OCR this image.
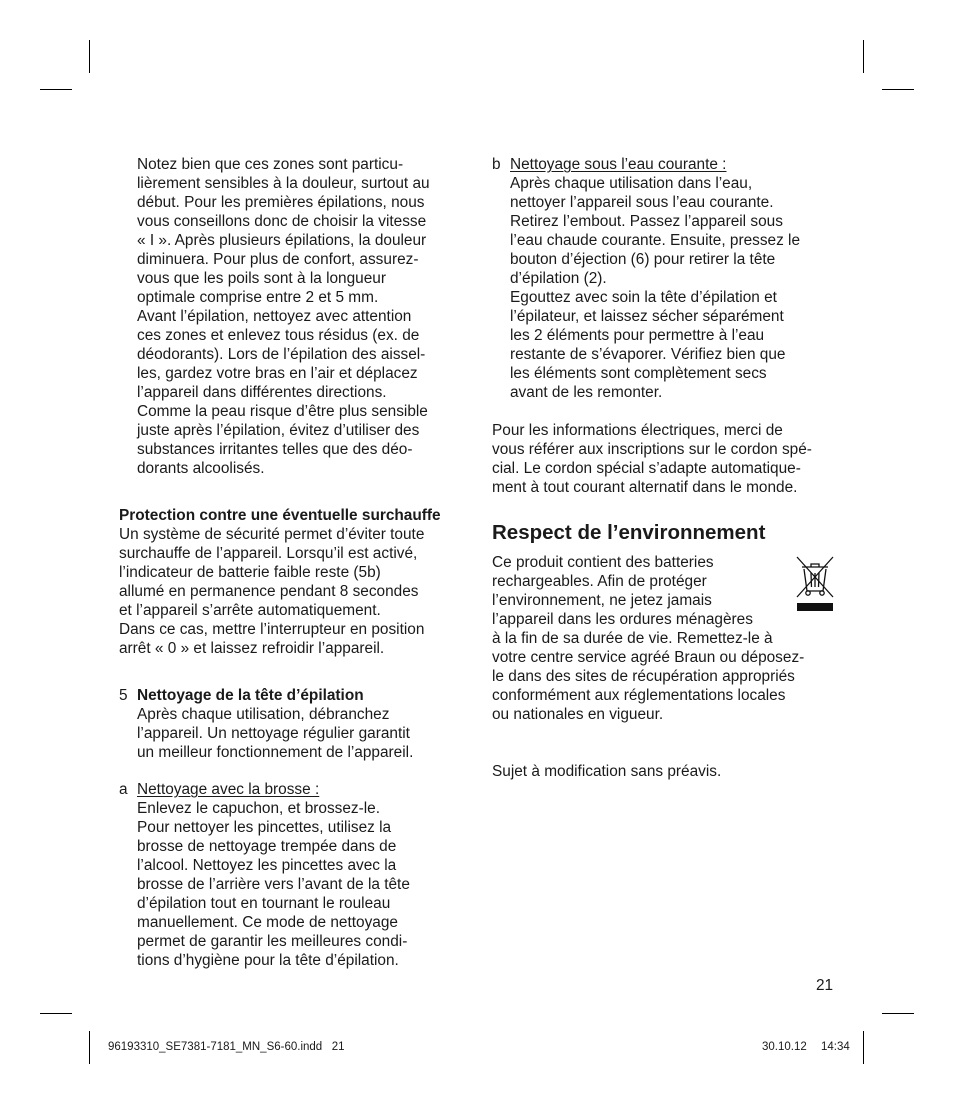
Notez bien que ces zones sont particu-
lièrement sensibles à la douleur, surtout au
début. Pour les premières épilations, nous
vous conseillons donc de choisir la vitesse
« I ». Après plusieurs épilations, la douleur
diminuera. Pour plus de confort, assurez-
vous que les poils sont à la longueur
optimale comprise entre 2 et 5 mm.
Avant l’épilation, nettoyez avec attention
ces zones et enlevez tous résidus (ex. de
déodorants). Lors de l’épilation des aissel-
les, gardez votre bras en l’air et déplacez
l’appareil dans différentes directions.
Comme la peau risque d’être plus sensible
juste après l’épilation, évitez d’utiliser des
substances irritantes telles que des déo-
dorants alcoolisés.
Protection contre une éventuelle surchauffe
Un système de sécurité permet d’éviter toute
surchauffe de l’appareil. Lorsqu’il est activé,
l’indicateur de batterie faible reste (5b)
allumé en permanence pendant 8 secondes
et l’appareil s’arrête automatiquement.
Dans ce cas, mettre l’interrupteur en position
arrêt « 0 » et laissez refroidir l’appareil.
5 Nettoyage de la tête d’épilation
Après chaque utilisation, débranchez
l’appareil. Un nettoyage régulier garantit
un meilleur fonctionnement de l’appareil.
a Nettoyage avec la brosse :
Enlevez le capuchon, et brossez-le.
Pour nettoyer les pincettes, utilisez la
brosse de nettoyage trempée dans de
l’alcool. Nettoyez les pincettes avec la
brosse de l’arrière vers l’avant de la tête
d’épilation tout en tournant le rouleau
manuellement. Ce mode de nettoyage
permet de garantir les meilleures condi-
tions d’hygiène pour la tête d’épilation.
b Nettoyage sous l’eau courante :
Après chaque utilisation dans l’eau,
nettoyer l’appareil sous l’eau courante.
Retirez l’embout. Passez l’appareil sous
l’eau chaude courante. Ensuite, pressez le
bouton d’éjection (6) pour retirer la tête
d’épilation (2).
Egouttez avec soin la tête d’épilation et
l’épilateur, et laissez sécher séparément
les 2 éléments pour permettre à l’eau
restante de s’évaporer. Vérifiez bien que
les éléments sont complètement secs
avant de les remonter.
Pour les informations électriques, merci de
vous référer aux inscriptions sur le cordon spé-
cial. Le cordon spécial s’adapte automatique-
ment à tout courant alternatif dans le monde.
Respect de l’environnement
Ce produit contient des batteries
rechargeables. Afin de protéger
l’environnement, ne jetez jamais
l’appareil dans les ordures ménagères
à la fin de sa durée de vie. Remettez-le à
votre centre service agréé Braun ou déposez-
le dans des sites de récupération appropriés
conformément aux réglementations locales
ou nationales en vigueur.
Sujet à modification sans préavis.
21
96193310_SE7381-7181_MN_S6-60.indd   21	30.10.12 14:34
